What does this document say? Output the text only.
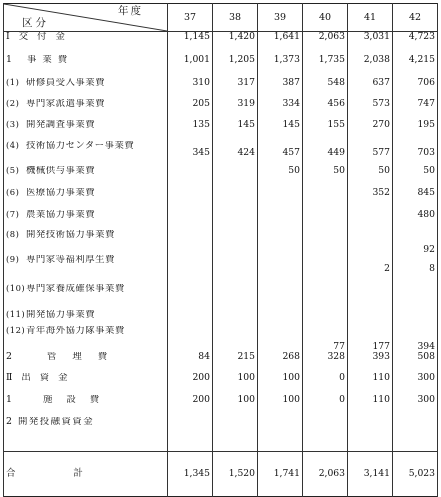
年度
区分	37	38	39	40	41	42
Ⅰ交付金	1,145	1,420	1,641	2,063	3,031	4,723
1 事業費	1,001	1,205	1,373	1,735	2,038	4,215
(1) 研修員受入事業費	310	317	387	548	637	706
(2) 専門家派遣事業費	205	319	334	456	573	747
(3) 開発調査事業費	135	145	145	155	270	195
(4) 技術協力センター事業費	345	424	457	449	577	703
(5) 機械供与事業費			50	50	50	50
(6) 医療協力事業費					352	845
(7) 農業協力事業費						480
(8) 開発技術協力事業費						92
(9) 専門家等福利厚生費					2	8
(10)専門家養成確保事業費						
(11)開発協力事業費						
(12)青年海外協力隊事業費				77	177	394
2 管理費	84	215	268	328	393	508
Ⅱ出資金	200	100	100	0	110	300
1 施設費	200	100	100	0	110	300
2 開発投融資資金						
合計	1,345	1,520	1,741	2,063	3,141	5,023
